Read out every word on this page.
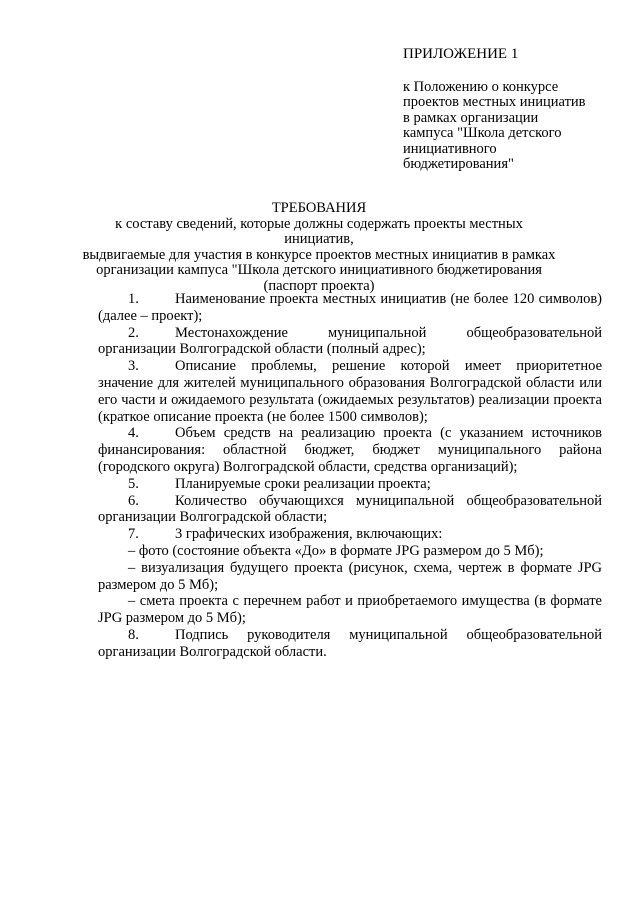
ПРИЛОЖЕНИЕ 1
к Положению о конкурсе
проектов местных инициатив
в рамках организации
кампуса "Школа детского
инициативного
бюджетирования"
ТРЕБОВАНИЯ
к составу сведений, которые должны содержать проекты местных инициатив,
выдвигаемые для участия в конкурсе проектов местных инициатив в рамках
организации кампуса "Школа детского инициативного бюджетирования
(паспорт проекта)

1. Наименование проекта местных инициатив (не более 120 символов) (далее – проект);

2. Местонахождение муниципальной общеобразовательной организации Волгоградской области (полный адрес);

3. Описание проблемы, решение которой имеет приоритетное значение для жителей муниципального образования Волгоградской области или его части и ожидаемого результата (ожидаемых результатов) реализации проекта (краткое описание проекта (не более 1500 символов);

4. Объем средств на реализацию проекта (с указанием источников финансирования: областной бюджет, бюджет муниципального района (городского округа) Волгоградской области, средства организаций);

5. Планируемые сроки реализации проекта;

6. Количество обучающихся муниципальной общеобразовательной организации Волгоградской области;

7. 3 графических изображения, включающих:

– фото (состояние объекта «До» в формате JPG размером до 5 Мб);

– визуализация будущего проекта (рисунок, схема, чертеж в формате JPG размером до 5 Мб);

– смета проекта с перечнем работ и приобретаемого имущества (в формате JPG размером до 5 Мб);

8. Подпись руководителя муниципальной общеобразовательной организации Волгоградской области.
